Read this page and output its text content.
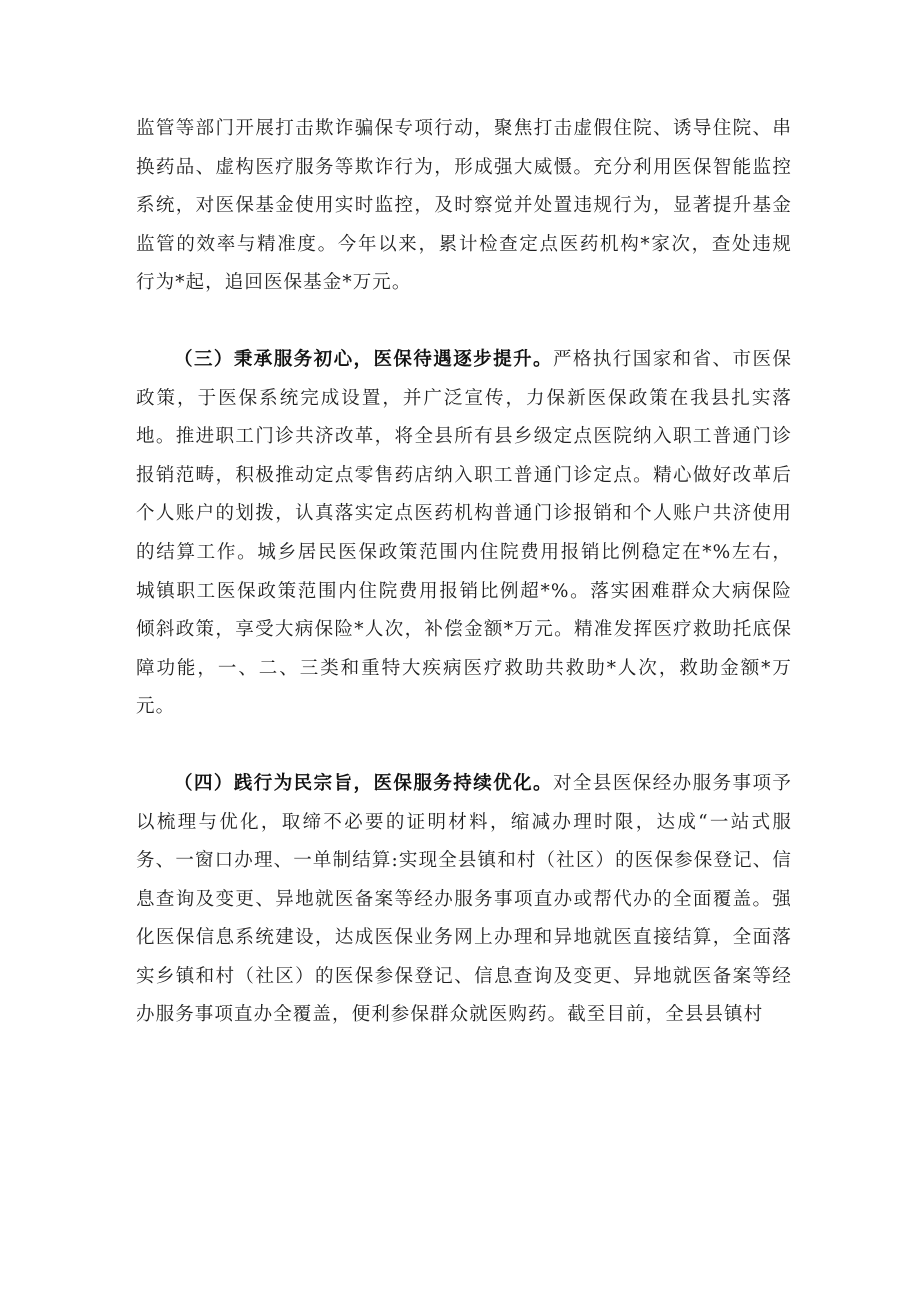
监管等部门开展打击欺诈骗保专项行动，聚焦打击虚假住院、诱导住院、串换药品、虚构医疗服务等欺诈行为，形成强大威慑。充分利用医保智能监控系统，对医保基金使用实时监控，及时察觉并处置违规行为，显著提升基金监管的效率与精准度。今年以来，累计检查定点医药机构*家次，查处违规行为*起，追回医保基金*万元。

（三）秉承服务初心，医保待遇逐步提升。严格执行国家和省、市医保政策，于医保系统完成设置，并广泛宣传，力保新医保政策在我县扎实落地。推进职工门诊共济改革，将全县所有县乡级定点医院纳入职工普通门诊报销范畴，积极推动定点零售药店纳入职工普通门诊定点。精心做好改革后个人账户的划拨，认真落实定点医药机构普通门诊报销和个人账户共济使用的结算工作。城乡居民医保政策范围内住院费用报销比例稳定在*%左右，城镇职工医保政策范围内住院费用报销比例超*%。落实困难群众大病保险倾斜政策，享受大病保险*人次，补偿金额*万元。精准发挥医疗救助托底保障功能，一、二、三类和重特大疾病医疗救助共救助*人次，救助金额*万元。

（四）践行为民宗旨，医保服务持续优化。对全县医保经办服务事项予以梳理与优化，取缔不必要的证明材料，缩减办理时限，达成“一站式服务、一窗口办理、一单制结算:实现全县镇和村（社区）的医保参保登记、信息查询及变更、异地就医备案等经办服务事项直办或帮代办的全面覆盖。强化医保信息系统建设，达成医保业务网上办理和异地就医直接结算，全面落实乡镇和村（社区）的医保参保登记、信息查询及变更、异地就医备案等经办服务事项直办全覆盖，便利参保群众就医购药。截至目前，全县县镇村
